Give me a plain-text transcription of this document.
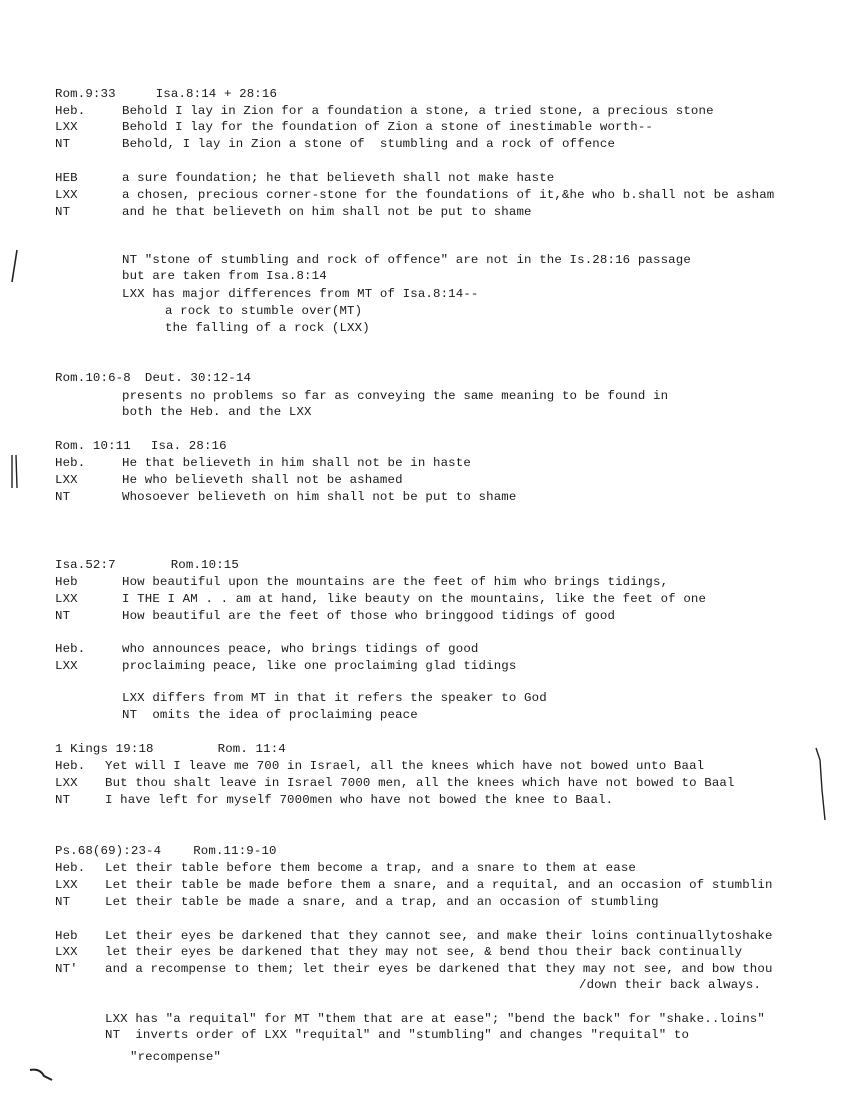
Rom.9:33	Isa.8:14 + 28:16
Heb.	Behold I lay in Zion for a foundation a stone, a tried stone, a precious stone
LXX	Behold I lay for the foundation of Zion a stone of inestimable worth--
NT	Behold, I lay in Zion a stone of  stumbling and a rock of offence
HEB	a sure foundation; he that believeth shall not make haste
LXX	a chosen, precious corner-stone for the foundations of it,&he who b.shall not be asham
NT	and he that believeth on him shall not be put to shame
NT "stone of stumbling and rock of offence" are not in the Is.28:16 passage
but are taken from Isa.8:14
LXX has major differences from MT of Isa.8:14--
a rock to stumble over(MT)
the falling of a rock (LXX)
Rom.10:6-8 Deut. 30:12-14
presents no problems so far as conveying the same meaning to be found in
both the Heb. and the LXX
Rom. 10:11 Isa. 28:16
Heb.	He that believeth in him shall not be in haste
LXX	He who believeth shall not be ashamed
NT	Whosoever believeth on him shall not be put to shame
Isa.52:7	Rom.10:15
Heb	How beautiful upon the mountains are the feet of him who brings tidings,
LXX	I THE I AM . . am at hand, like beauty on the mountains, like the feet of one
NT	How beautiful are the feet of those who bringgood tidings of good
Heb.	who announces peace, who brings tidings of good
LXX	proclaiming peace, like one proclaiming glad tidings
LXX differs from MT in that it refers the speaker to God
NT  omits the idea of proclaiming peace
1 Kings 19:18	Rom. 11:4
Heb. Yet will I leave me 700 in Israel, all the knees which have not bowed unto Baal
LXX But thou shalt leave in Israel 7000 men, all the knees which have not bowed to Baal
NT	I have left for myself 7000men who have not bowed the knee to Baal.
Ps.68(69):23-4	Rom.11:9-10
Heb. Let their table before them become a trap, and a snare to them at ease
LXX Let their table be made before them a snare, and a requital, and an occasion of stumblin
NT	Let their table be made a snare, and a trap, and an occasion of stumbling
Heb Let their eyes be darkened that they cannot see, and make their loins continuallytoshake
LXX let their eyes be darkened that they may not see, & bend thou their back continually
NT' and a recompense to them; let their eyes be darkened that they may not see, and bow thou
/down their back always.
LXX has "a requital" for MT "them that are at ease"; "bend the back" for "shake..loins"
NT  inverts order of LXX "requital" and "stumbling" and changes "requital" to
"recompense"
